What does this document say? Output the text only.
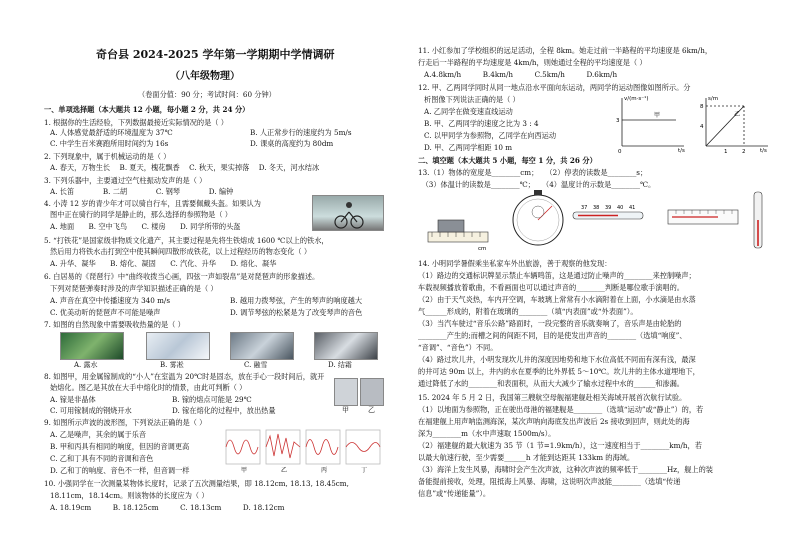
奇台县 2024-2025 学年第一学期期中学情调研
（八年级物理）
（卷面分值：90 分；考试时间：60 分钟）
一、单项选择题（本大题共 12 小题，每小题 2 分，共 24 分）
1. 根据你的生活经验，下列数据最接近实际情况的是（ ）
A. 人体感觉最舒适的环境温度为 37℃	B. 人正常步行的速度约为 5m/s
C. 中学生百米赛跑所用时间约为 16s	D. 课桌的高度约为 80dm
2. 下列现象中，属于机械运动的是（ ）
A. 春天，万物生长　 B. 夏天，槐花飘香　 C. 秋天，果实掉落　 D. 冬天，河水结冰
3. 下列乐器中，主要通过空气柱振动发声的是（ ）
A. 长笛　　　　B. 二胡　　　　C. 钢琴　　　　D. 编钟
4. 小涛 12 岁的青少年才可以骑自行车，且需要佩戴头盔。如果认为
图中正在骑行的同学是静止的，那么选择的参照物是（ ）
A. 地面　　B. 空中飞鸟　　C. 楼房　　D. 同学所带的头盔
5. “打铁花”是国家级非物质文化遗产，其主要过程是先将生铁熔成 1600 ℃以上的铁水，
然后用力将铁水击打到空中使其瞬间四散形成铁花，以上过程经历的物态变化（ ）
A. 升华、凝华　　B. 熔化、凝固　　C. 汽化、升华　　D. 熔化、凝华
6. 白居易的《琵琶行》中“曲终收拨当心画，四弦一声如裂帛”是对琵琶声的形象描述。
下列对琵琶弹奏时涉及的声学知识描述正确的是（ ）
A. 声音在真空中传播速度为 340 m/s	B. 越用力拨琴弦，产生的琴声的响度越大
C. 优美动听的琵琶声不可能是噪声	D. 调节琴弦的松紧是为了改变琴声的音色
7. 如图的自然现象中需要吸收热量的是（ ）
A. 露水	B. 雾凇	C. 融雪	D. 结霜
8. 如图甲，用金属镓制成的“小人”在室温为 20℃时是固态，放在手心一段时间后，就开
始熔化。图乙是其放在大手中熔化时的情景，由此可判断（ ）
A. 镓是非晶体	B. 镓的熔点可能是 29℃
C. 可用镓制成的钢烧开水	D. 镓在熔化的过程中，放出热量	甲	乙
9. 如图所示声波的波形图，下列说法正确的是（ ）
A. 乙是噪声，其余的属于乐音
B. 甲和丙具有相同的响度，但因的音调更高
C. 乙和丁具有不同的音调和音色
D. 乙和丁的响度、音色不一样，但音调一样	甲	乙	丙	丁
10. 小强同学在一次测量某物体长度时，记录了五次测量结果，即 18.12cm, 18.13, 18.45cm,
18.11cm，18.14cm。则该物体的长度应为（ ）
A. 18.19cm　　　B. 18.125cm　　　C. 18.13cm　　　D. 18.12cm
11. 小红参加了学校组织的远足活动，全程 8km。她走过前一半路程的平均速度是 6km/h，
行走后一半路程的平均速度是 4km/h，则她通过全程的平均速度是（ ）
A.4.8km/h　　　B.4km/h　　　C.5km/h　　　D.6km/h
12. 甲、乙两同学同时从同一地点沿水平面向东运动，两同学的运动图像如图所示。分
析图像下列说法正确的是（ ）
A. 乙同学在做变速直线运动
B. 甲、乙两同学的速度之比为 3 : 4
C. 以甲同学为参照物，乙同学在向西运动
D. 甲、乙两同学相距 10 m
v/(m·s⁻¹)
t/s
甲
3
0
s/m
t/s
乙
8
4
2
1
二、填空题（本大题共 5 小题，每空 1 分，共 26 分）
13.（1）物体的宽度是________cm；　　（2）停表的读数是________s；
　（3）体温计的读数是________℃；　　（4）温度计的示数是________℃。
cm
37 38 39 40 41
14. 小明同学暑假乘坐私家车外出旅游，善于观察的他发现：
（1）路边的交通标识牌显示禁止车辆鸣笛，这是通过防止噪声的________来控制噪声；
车载视频播放着歌曲，不看画面也可以通过声音的________判断是哪位歌手演唱的。
（2）由于天气炎热，车内开空调，车玻璃上常常有小水滴附着在上面，小水滴是由水蒸
气______形成的，附着在玻璃的________（填“内表面”或“外表面”）。
（3）当汽车驶过“音乐公路”路面时，一段完整的音乐就奏响了，音乐声是由轮胎的
________产生的;而槽之间的间距不同，目的是使发出声音的________（选填“响度”、
“音调”、“音色”）不同。
（4）路过坎儿井，小明发现坎儿井的深度因地势和地下水位高低不同而有深有浅，最深
的井可达 90m 以上，井内的水在夏季的比外界低 5～10℃。坎儿井的主体水道埋地下，
通过降低了水的________和表面积，从而大大减少了输水过程中水的______和渗漏。
15. 2024 年 5 月 2 日，我国第三艘航空母舰福建舰赴相关海域开展首次航行试验。
（1）以地面为参照物，正在驶出母港的福建舰是________（选填“运动”或“静止”）的，若
在福建舰上用声呐监测海深，某次声呐向海底发出声波后 2s 接收到回声，则此处的海
深为________m（水中声速取 1500m/s）。
（2）福建舰的最大航速为 35 节（1 节=1.9km/h），这一速度相当于________km/h，若
以最大航速行驶，至少需要______h 才能到达距其 133km 的海域。
（3）海洋上发生风暴，海啸时会产生次声波，这种次声波的频率低于________Hz，舰上的装
备能提前接收，处理，阻抵海上风暴、海啸，这说明次声波能________（选填“传递
信息”或“传递能量”）。
